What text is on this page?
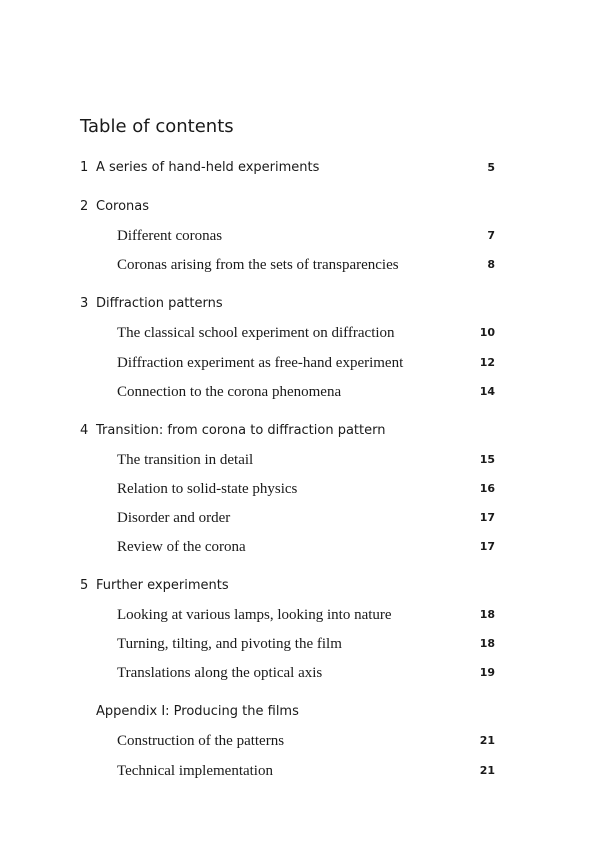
Table of contents
1 A series of hand-held experiments	5
2 Coronas
Different coronas	7
Coronas arising from the sets of transparencies	8
3 Diffraction patterns
The classical school experiment on diffraction	10
Diffraction experiment as free-hand experiment	12
Connection to the corona phenomena	14
4 Transition: from corona to diffraction pattern
The transition in detail	15
Relation to solid-state physics	16
Disorder and order	17
Review of the corona	17
5 Further experiments
Looking at various lamps, looking into nature	18
Turning, tilting, and pivoting the film	18
Translations along the optical axis	19
Appendix I: Producing the films
Construction of the patterns	21
Technical implementation	21
